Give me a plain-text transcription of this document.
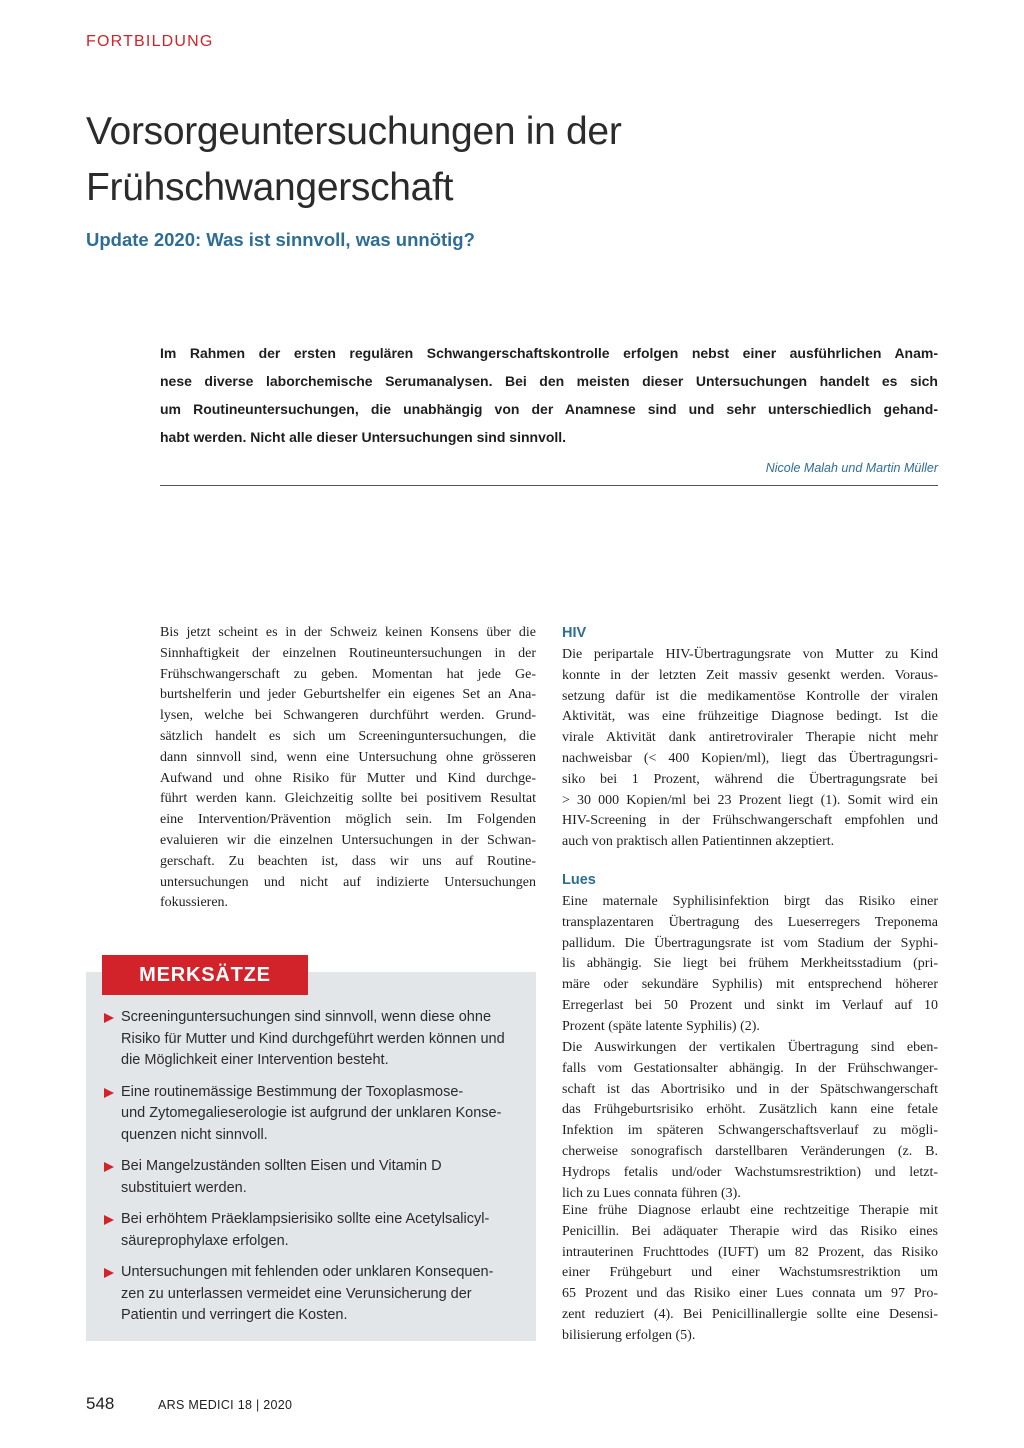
FORTBILDUNG
Vorsorgeuntersuchungen in der Frühschwangerschaft
Update 2020: Was ist sinnvoll, was unnötig?
Im Rahmen der ersten regulären Schwangerschaftskontrolle erfolgen nebst einer ausführlichen Anam-
nese diverse laborchemische Serumanalysen. Bei den meisten dieser Untersuchungen handelt es sich
um Routineuntersuchungen, die unabhängig von der Anamnese sind und sehr unterschiedlich gehand-
habt werden. Nicht alle dieser Untersuchungen sind sinnvoll.
Nicole Malah und Martin Müller
Bis jetzt scheint es in der Schweiz keinen Konsens über die
Sinnhaftigkeit der einzelnen Routineuntersuchungen in der
Frühschwangerschaft zu geben. Momentan hat jede Ge-
burtshelferin und jeder Geburtshelfer ein eigenes Set an Ana-
lysen, welche bei Schwangeren durchführt werden. Grund-
sätzlich handelt es sich um Screeninguntersuchungen, die
dann sinnvoll sind, wenn eine Untersuchung ohne grösseren
Aufwand und ohne Risiko für Mutter und Kind durchge-
führt werden kann. Gleichzeitig sollte bei positivem Resultat
eine Intervention/Prävention möglich sein. Im Folgenden
evaluieren wir die einzelnen Untersuchungen in der Schwan-
gerschaft. Zu beachten ist, dass wir uns auf Routine-
untersuchungen und nicht auf indizierte Untersuchungen
fokussieren.
MERKSÄTZE
Screeninguntersuchungen sind sinnvoll, wenn diese ohne
Risiko für Mutter und Kind durchgeführt werden können und
die Möglichkeit einer Intervention besteht.
Eine routinemässige Bestimmung der Toxoplasmose-
und Zytomegalieserologie ist aufgrund der unklaren Konse-
quenzen nicht sinnvoll.
Bei Mangelzuständen sollten Eisen und Vitamin D
substituiert werden.
Bei erhöhtem Präeklampsierisiko sollte eine Acetylsalicyl-
säureprophylaxe erfolgen.
Untersuchungen mit fehlenden oder unklaren Konsequen-
zen zu unterlassen vermeidet eine Verunsicherung der
Patientin und verringert die Kosten.
HIV
Die peripartale HIV-Übertragungsrate von Mutter zu Kind
konnte in der letzten Zeit massiv gesenkt werden. Voraus-
setzung dafür ist die medikamentöse Kontrolle der viralen
Aktivität, was eine frühzeitige Diagnose bedingt. Ist die
virale Aktivität dank antiretroviraler Therapie nicht mehr
nachweisbar (< 400 Kopien/ml), liegt das Übertragungsri-
siko bei 1 Prozent, während die Übertragungsrate bei
> 30 000 Kopien/ml bei 23 Prozent liegt (1). Somit wird ein
HIV-Screening in der Frühschwangerschaft empfohlen und
auch von praktisch allen Patientinnen akzeptiert.
Lues
Eine maternale Syphilisinfektion birgt das Risiko einer
transplazentaren Übertragung des Lueserregers Treponema
pallidum. Die Übertragungsrate ist vom Stadium der Syphi-
lis abhängig. Sie liegt bei frühem Merkheitsstadium (pri-
märe oder sekundäre Syphilis) mit entsprechend höherer
Erregerlast bei 50 Prozent und sinkt im Verlauf auf 10
Prozent (späte latente Syphilis) (2).
Die Auswirkungen der vertikalen Übertragung sind eben-
falls vom Gestationsalter abhängig. In der Frühschwanger-
schaft ist das Abortrisiko und in der Spätschwangerschaft
das Frühgeburtsrisiko erhöht. Zusätzlich kann eine fetale
Infektion im späteren Schwangerschaftsverlauf zu mögli-
cherweise sonografisch darstellbaren Veränderungen (z. B.
Hydrops fetalis und/oder Wachstumsrestriktion) und letzt-
lich zu Lues connata führen (3).
Eine frühe Diagnose erlaubt eine rechtzeitige Therapie mit
Penicillin. Bei adäquater Therapie wird das Risiko eines
intrauterinen Fruchttodes (IUFT) um 82 Prozent, das Risiko
einer Frühgeburt und einer Wachstumsrestriktion um
65 Prozent und das Risiko einer Lues connata um 97 Pro-
zent reduziert (4). Bei Penicillinallergie sollte eine Desensi-
bilisierung erfolgen (5).
548	ARS MEDICI 18 | 2020
